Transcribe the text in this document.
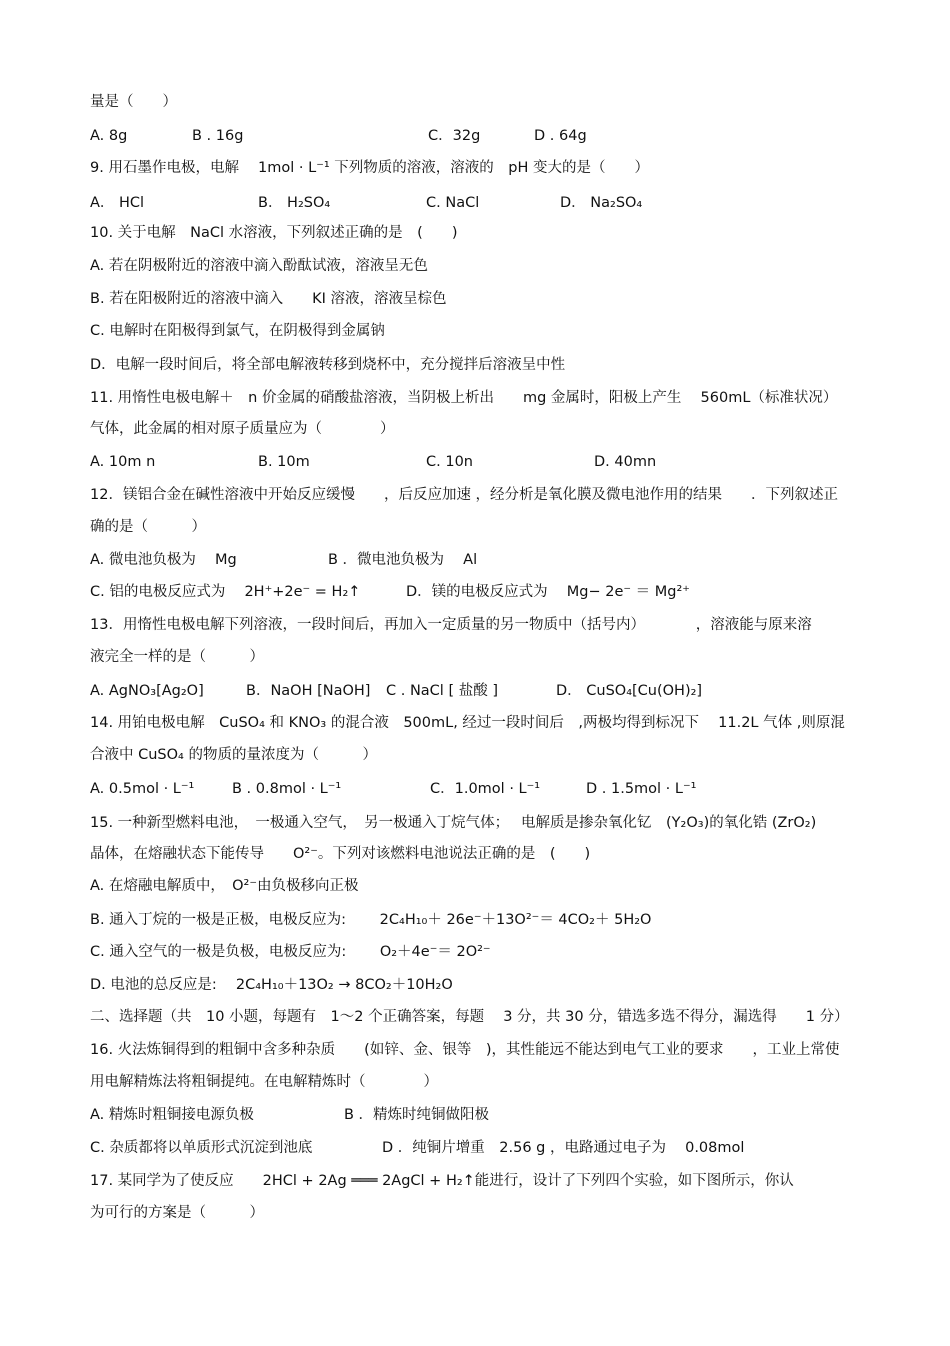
量是（　　）
A. 8g	B . 16g	C．32g	D . 64g
9. 用石墨作电极，电解　 1mol · L⁻¹ 下列物质的溶液，溶液的　pH 变大的是（　　）
A． HCl	B． H₂SO₄	C. NaCl	D． Na₂SO₄
10. 关于电解　NaCl 水溶液，下列叙述正确的是　(　　)
A. 若在阴极附近的溶液中滴入酚酞试液，溶液呈无色
B. 若在阳极附近的溶液中滴入　　KI 溶液，溶液呈棕色
C. 电解时在阳极得到氯气，在阴极得到金属钠
D．电解一段时间后，将全部电解液转移到烧杯中，充分搅拌后溶液呈中性
11. 用惰性电极电解＋　n 价金属的硝酸盐溶液，当阴极上析出　　mg 金属时，阳极上产生　 560mL（标准状况）
气体，此金属的相对原子质量应为（　　　　）
A. 10m n	B. 10m	C. 10n	D. 40mn
12．镁铝合金在碱性溶液中开始反应缓慢　　，后反应加速 ，经分析是氧化膜及微电池作用的结果　　．下列叙述正
确的是（　　　）
A. 微电池负极为　 Mg	B ．微电池负极为　 Al
C. 铝的电极反应式为　 2H⁺+2e⁻ = H₂↑	D．镁的电极反应式为　 Mg− 2e⁻ ＝ Mg²⁺
13．用惰性电极电解下列溶液，一段时间后，再加入一定质量的另一物质中（括号内）　　　　，溶液能与原来溶
液完全一样的是（　　　）
A. AgNO₃[Ag₂O]	B．NaOH [NaOH] C . NaCl [ 盐酸 ]	D． CuSO₄[Cu(OH)₂]
14. 用铂电极电解　CuSO₄ 和 KNO₃ 的混合液　500mL, 经过一段时间后　,两极均得到标况下　 11.2L 气体 ,则原混
合液中 CuSO₄ 的物质的量浓度为（　　　）
A. 0.5mol · L⁻¹	B . 0.8mol · L⁻¹	C．1.0mol · L⁻¹	D . 1.5mol · L⁻¹
15. 一种新型燃料电池，　一极通入空气，　另一极通入丁烷气体；　 电解质是掺杂氧化钇　(Y₂O₃)的氧化锆 (ZrO₂)
晶体，在熔融状态下能传导　　O²⁻。下列对该燃料电池说法正确的是　(　　)
A. 在熔融电解质中，　O²⁻由负极移向正极
B. 通入丁烷的一极是正极，电极反应为:　　 2C₄H₁₀＋ 26e⁻＋13O²⁻＝ 4CO₂＋ 5H₂O
C. 通入空气的一极是负极，电极反应为:　　 O₂＋4e⁻＝ 2O²⁻
D. 电池的总反应是:　 2C₄H₁₀＋13O₂ → 8CO₂＋10H₂O
二、选择题（共　10 小题，每题有　1～2 个正确答案，每题　 3 分，共 30 分，错选多选不得分，漏选得　　1 分）
16. 火法炼铜得到的粗铜中含多种杂质　　(如锌、金、银等　)，其性能远不能达到电气工业的要求　　，工业上常使
用电解精炼法将粗铜提纯。在电解精炼时（　　　　）
A. 精炼时粗铜接电源负极	B ．精炼时纯铜做阳极
C. 杂质都将以单质形式沉淀到池底	D ．纯铜片增重　2.56 g ，电路通过电子为　 0.08mol
17. 某同学为了使反应　　2HCl + 2Ag ═══ 2AgCl + H₂↑能进行，设计了下列四个实验，如下图所示，你认
为可行的方案是（　　　）
